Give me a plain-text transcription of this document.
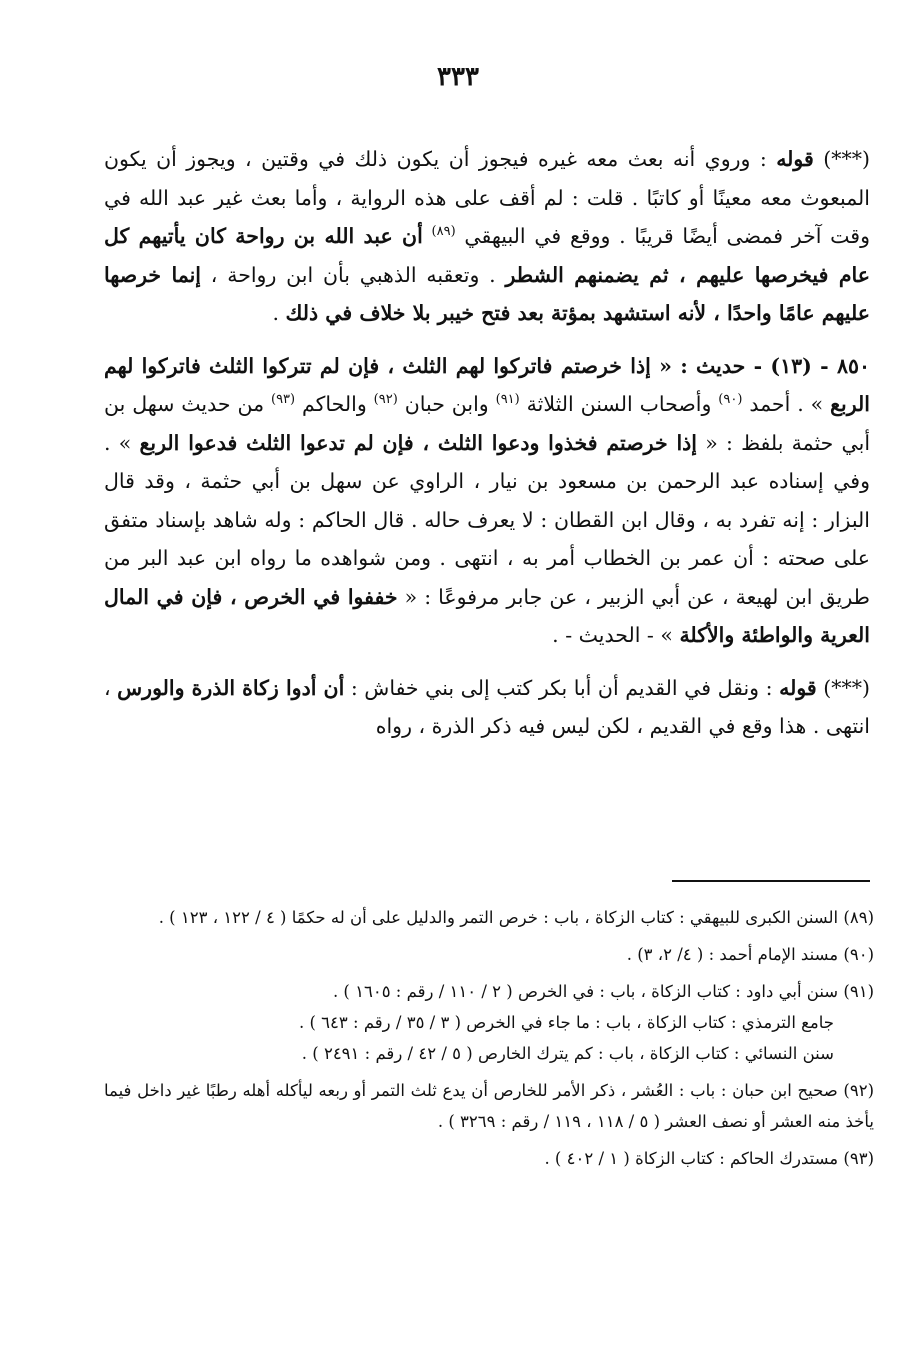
٣٣٣

(***) قوله : وروي أنه بعث معه غيره فيجوز أن يكون ذلك في وقتين ، ويجوز أن يكون المبعوث معه معينًا أو كاتبًا . قلت : لم أقف على هذه الرواية ، وأما بعث غير عبد الله في وقت آخر فمضى أيضًا قريبًا . ووقع في البيهقي $^{(٨٩)}$ أن عبد الله بن رواحة كان يأتيهم كل عام فيخرصها عليهم ، ثم يضمنهم الشطر . وتعقبه الذهبي بأن ابن رواحة ، إنما خرصها عليهم عامًا واحدًا ، لأنه استشهد بمؤتة بعد فتح خيبر بلا خلاف في ذلك .

٨٥٠ - (١٣) - حديث : « إذا خرصتم فاتركوا لهم الثلث ، فإن لم تتركوا الثلث فاتركوا لهم الربع » . أحمد $^{(٩٠)}$ وأصحاب السنن الثلاثة $^{(٩١)}$ وابن حبان $^{(٩٢)}$ والحاكم $^{(٩٣)}$ من حديث سهل بن أبي حثمة بلفظ : « إذا خرصتم فخذوا ودعوا الثلث ، فإن لم تدعوا الثلث فدعوا الربع » . وفي إسناده عبد الرحمن بن مسعود بن نيار ، الراوي عن سهل بن أبي حثمة ، وقد قال البزار : إنه تفرد به ، وقال ابن القطان : لا يعرف حاله . قال الحاكم : وله شاهد بإسناد متفق على صحته : أن عمر بن الخطاب أمر به ، انتهى . ومن شواهده ما رواه ابن عبد البر من طريق ابن لهيعة ، عن أبي الزبير ، عن جابر مرفوعًا : « خففوا في الخرص ، فإن في المال العرية والواطئة والأكلة » - الحديث - .

(***) قوله : ونقل في القديم أن أبا بكر كتب إلى بني خفاش : أن أدوا زكاة الذرة والورس ، انتهى . هذا وقع في القديم ، لكن ليس فيه ذكر الذرة ، رواه

(٨٩) السنن الكبرى للبيهقي : كتاب الزكاة ، باب : خرص التمر والدليل على أن له حكمًا ( ٤ / ١٢٢ ، ١٢٣ ) .

(٩٠) مسند الإمام أحمد : ( ٤/ ٢، ٣) .

(٩١) سنن أبي داود : كتاب الزكاة ، باب : في الخرص ( ٢ / ١١٠ / رقم : ١٦٠٥ ) .

جامع الترمذي : كتاب الزكاة ، باب : ما جاء في الخرص ( ٣ / ٣٥ / رقم : ٦٤٣ ) .

سنن النسائي : كتاب الزكاة ، باب : كم يترك الخارص ( ٥ / ٤٢ / رقم : ٢٤٩١ ) .

(٩٢) صحيح ابن حبان : باب : العُشر ، ذكر الأمر للخارص أن يدع ثلث التمر أو ربعه ليأكله أهله رطبًا غير داخل فيما يأخذ منه العشر أو نصف العشر ( ٥ / ١١٨ ، ١١٩ / رقم : ٣٢٦٩ ) .

(٩٣) مستدرك الحاكم : كتاب الزكاة ( ١ / ٤٠٢ ) .
